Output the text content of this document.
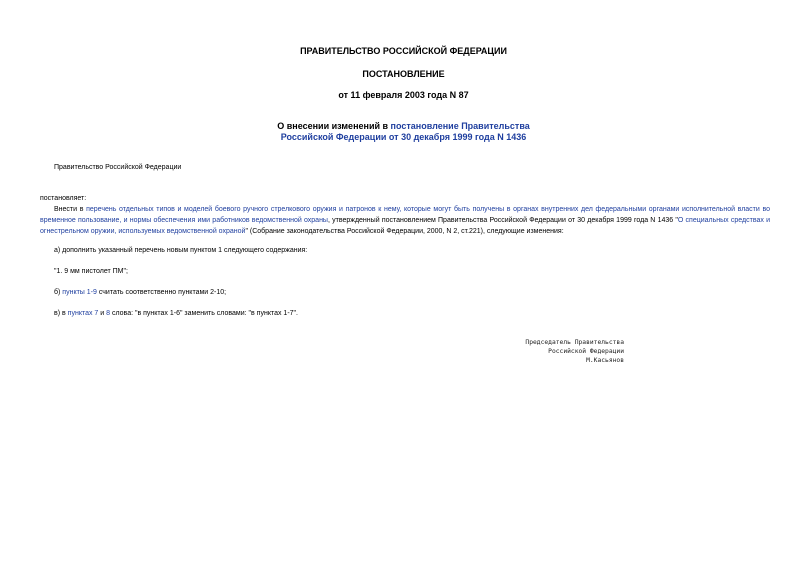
ПРАВИТЕЛЬСТВО РОССИЙСКОЙ ФЕДЕРАЦИИ
ПОСТАНОВЛЕНИЕ
от 11 февраля 2003 года N 87
О внесении изменений в постановление Правительства
Российской Федерации от 30 декабря 1999 года N 1436
Правительство Российской Федерации
постановляет:
Внести в перечень отдельных типов и моделей боевого ручного стрелкового оружия и патронов к нему, которые могут быть получены в органах внутренних дел федеральными органами исполнительной власти во временное пользование, и нормы обеспечения ими работников ведомственной охраны, утвержденный постановлением Правительства Российской Федерации от 30 декабря 1999 года N 1436 "О специальных средствах и огнестрельном оружии, используемых ведомственной охраной" (Собрание законодательства Российской Федерации, 2000, N 2, ст.221), следующие изменения:
а) дополнить указанный перечень новым пунктом 1 следующего содержания:
"1. 9 мм пистолет ПМ";
б) пункты 1-9 считать соответственно пунктами 2-10;
в) в пунктах 7 и 8 слова: "в пунктах 1-6" заменить словами: "в пунктах 1-7".
Председатель Правительства
Российской Федерации
М.Касьянов
